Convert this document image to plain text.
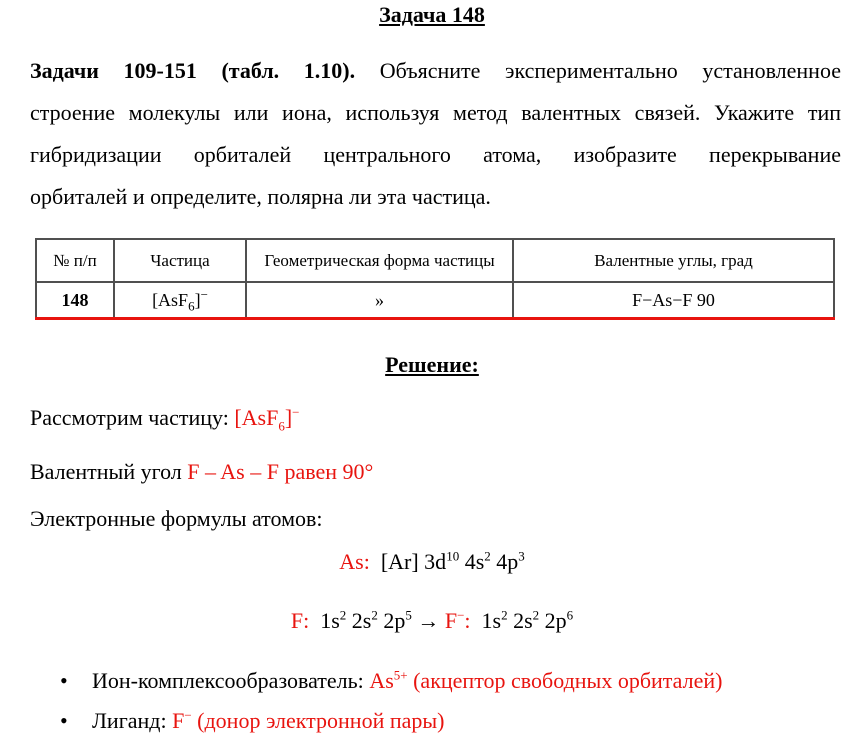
Задача 148
Задачи 109-151 (табл. 1.10). Объясните экспериментально установленное
строение молекулы или иона, используя метод валентных связей. Укажите тип
гибридизации орбиталей центрального атома, изобразите перекрывание
орбиталей и определите, полярна ли эта частица.
№ п/п	Частица	Геометрическая форма частицы	Валентные углы, град
148	[AsF$_6$]−	»	F−As−F 90
Решение:
Рассмотрим частицу: [AsF$_6$]−
Валентный угол F – As – F равен 90°
Электронные формулы атомов:
As: [Ar] $3d^{10}$ $4s^2$ $4p^3$
F: $1s^2$ $2s^2$ $2p^5 \to F^-$: $1s^2$ $2s^2$ $2p^6$
• Ион-комплексообразователь: $As^{5+}$ (акцептор свободных орбиталей)
• Лиганд: F− (донор электронной пары)
